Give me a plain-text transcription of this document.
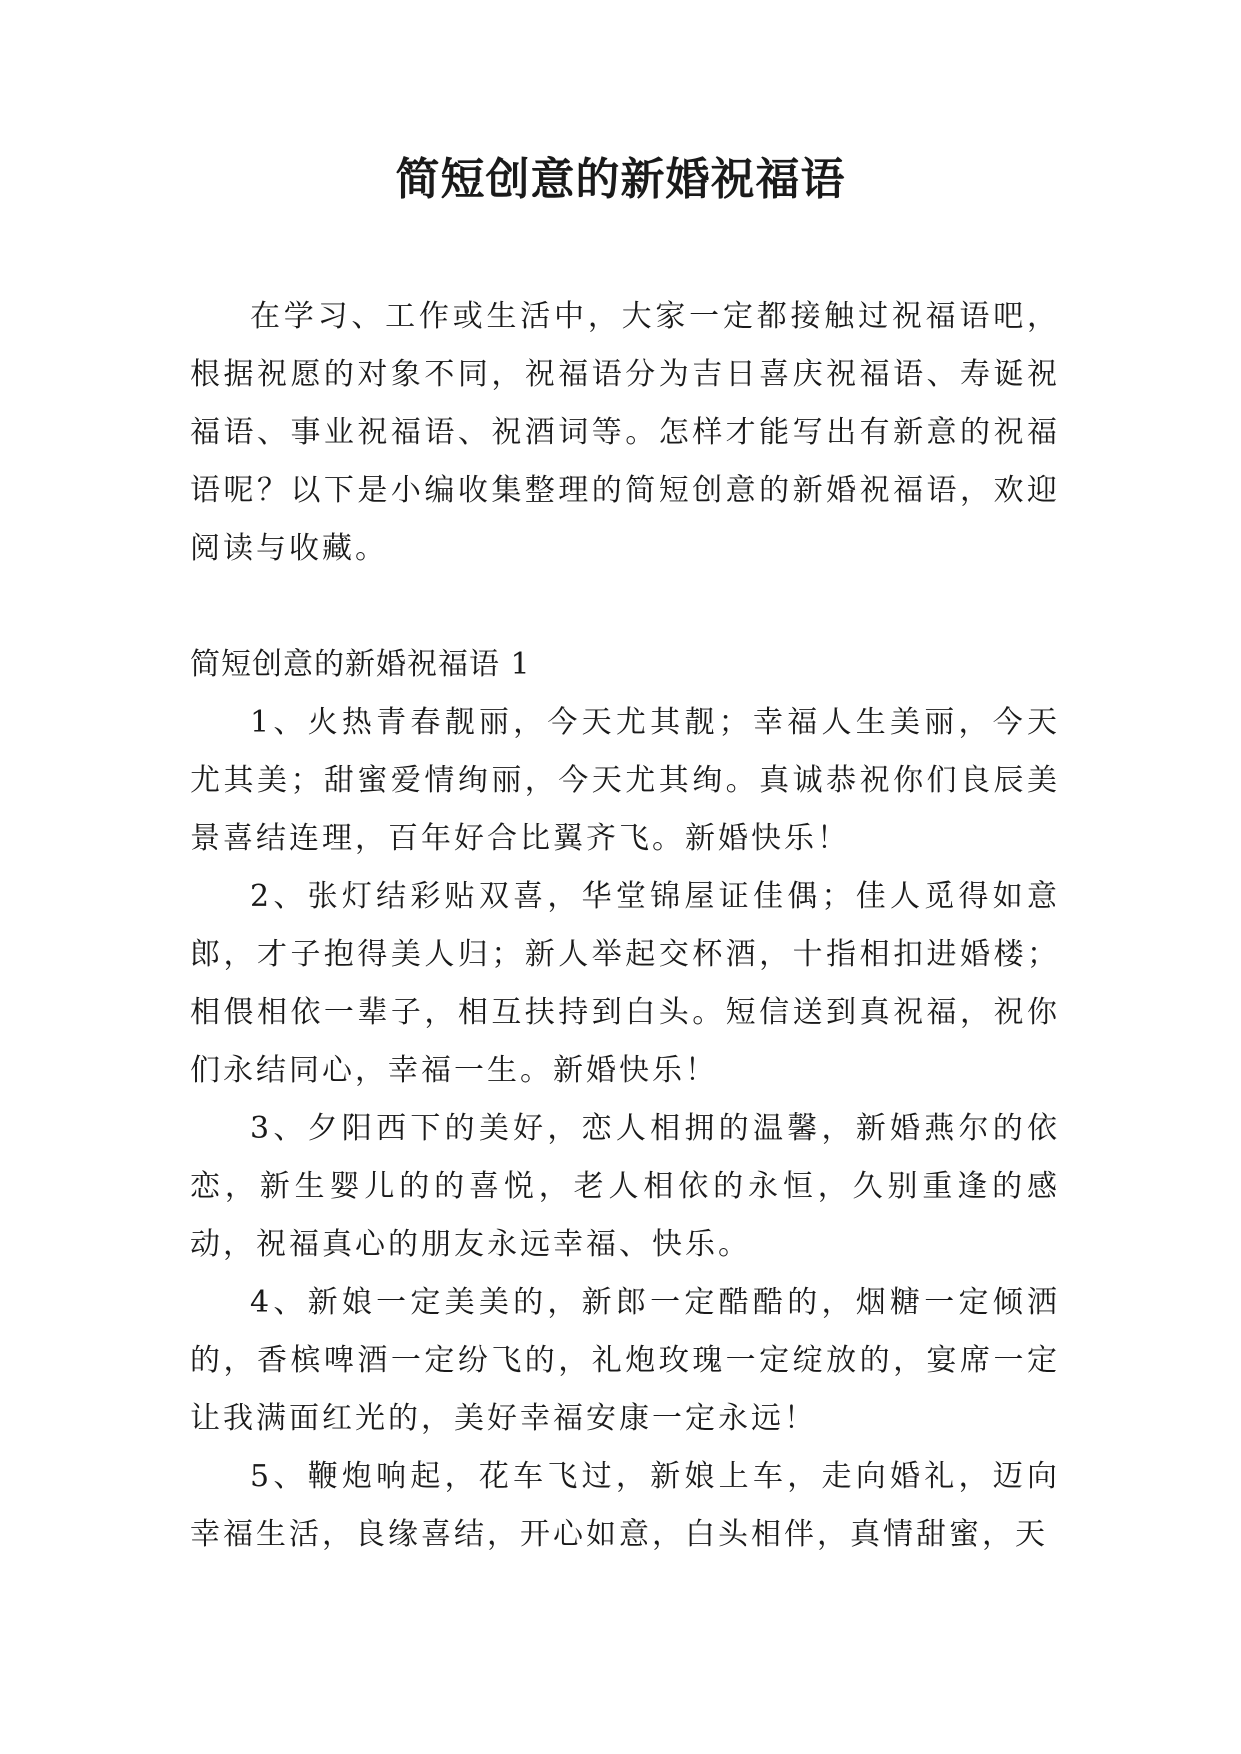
简短创意的新婚祝福语

在学习、工作或生活中，大家一定都接触过祝福语吧，根据祝愿的对象不同，祝福语分为吉日喜庆祝福语、寿诞祝福语、事业祝福语、祝酒词等。怎样才能写出有新意的祝福语呢？以下是小编收集整理的简短创意的新婚祝福语，欢迎阅读与收藏。

简短创意的新婚祝福语 1

1、火热青春靓丽，今天尤其靓；幸福人生美丽，今天尤其美；甜蜜爱情绚丽，今天尤其绚。真诚恭祝你们良辰美景喜结连理，百年好合比翼齐飞。新婚快乐！

2、张灯结彩贴双喜，华堂锦屋证佳偶；佳人觅得如意郎，才子抱得美人归；新人举起交杯酒，十指相扣进婚楼；相偎相依一辈子，相互扶持到白头。短信送到真祝福，祝你们永结同心，幸福一生。新婚快乐！

3、夕阳西下的美好，恋人相拥的温馨，新婚燕尔的依恋，新生婴儿的的喜悦，老人相依的永恒，久别重逢的感动，祝福真心的朋友永远幸福、快乐。

4、新娘一定美美的，新郎一定酷酷的，烟糖一定倾洒的，香槟啤酒一定纷飞的，礼炮玫瑰一定绽放的，宴席一定让我满面红光的，美好幸福安康一定永远！

5、鞭炮响起，花车飞过，新娘上车，走向婚礼，迈向幸福生活，良缘喜结，开心如意，白头相伴，真情甜蜜，天
